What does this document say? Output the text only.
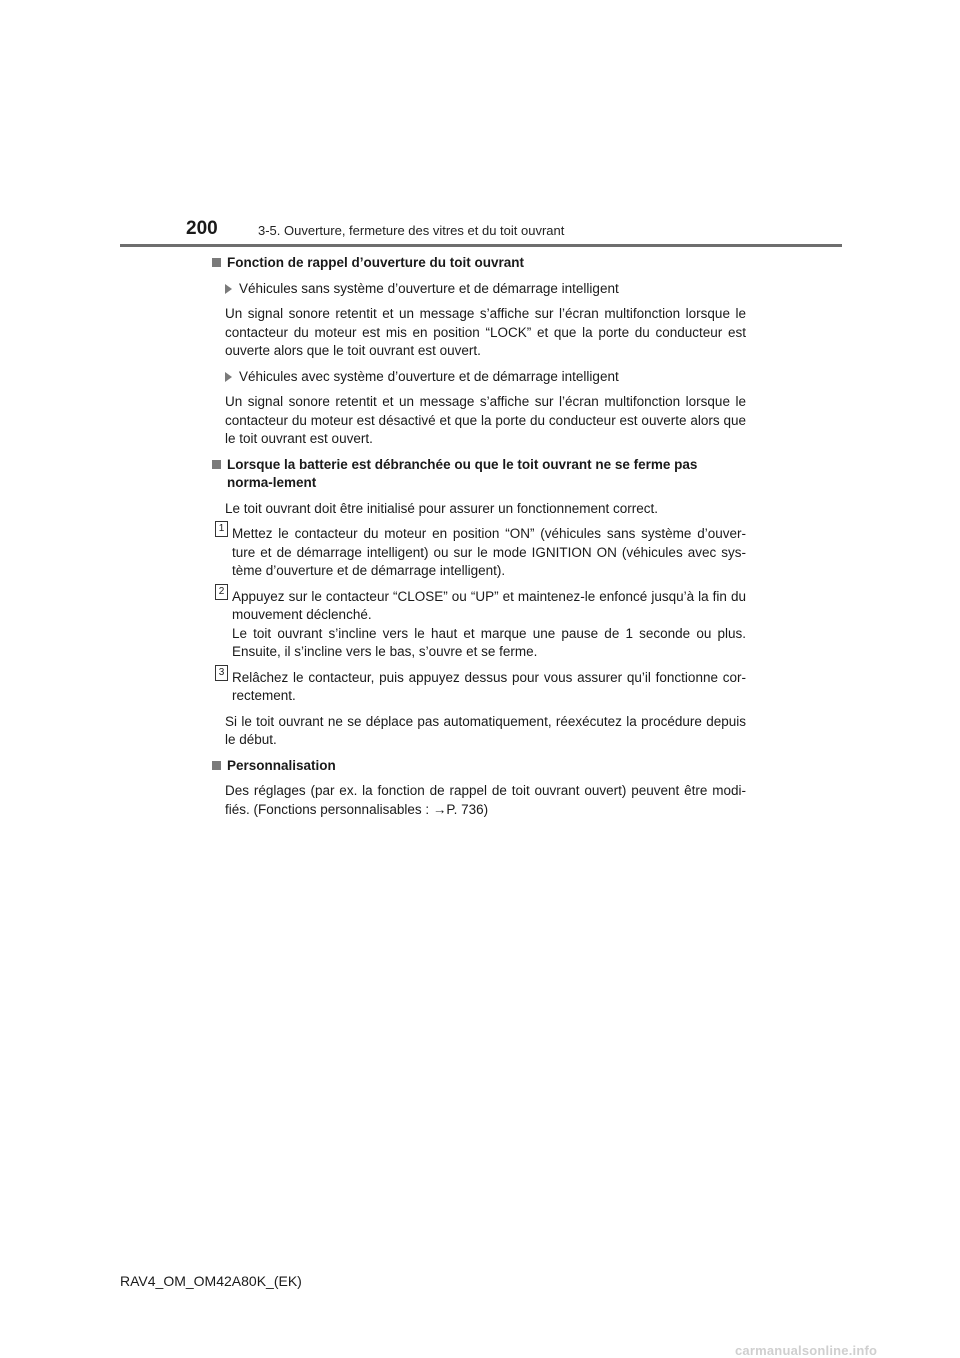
200	3-5. Ouverture, fermeture des vitres et du toit ouvrant
Fonction de rappel d’ouverture du toit ouvrant
Véhicules sans système d’ouverture et de démarrage intelligent

Un signal sonore retentit et un message s’affiche sur l’écran multifonction lorsque le contacteur du moteur est mis en position “LOCK” et que la porte du conducteur est ouverte alors que le toit ouvrant est ouvert.

Véhicules avec système d’ouverture et de démarrage intelligent

Un signal sonore retentit et un message s’affiche sur l’écran multifonction lorsque le contacteur du moteur est désactivé et que la porte du conducteur est ouverte alors que le toit ouvrant est ouvert.

Lorsque la batterie est débranchée ou que le toit ouvrant ne se ferme pas norma-lement

Le toit ouvrant doit être initialisé pour assurer un fonctionnement correct.

1 Mettez le contacteur du moteur en position “ON” (véhicules sans système d’ouver-ture et de démarrage intelligent) ou sur le mode IGNITION ON (véhicules avec sys-tème d’ouverture et de démarrage intelligent).
2 Appuyez sur le contacteur “CLOSE” ou “UP” et maintenez-le enfoncé jusqu’à la fin du mouvement déclenché.
Le toit ouvrant s’incline vers le haut et marque une pause de 1 seconde ou plus. Ensuite, il s’incline vers le bas, s’ouvre et se ferme.
3 Relâchez le contacteur, puis appuyez dessus pour vous assurer qu’il fonctionne cor-rectement.

Si le toit ouvrant ne se déplace pas automatiquement, réexécutez la procédure depuis le début.

Personnalisation

Des réglages (par ex. la fonction de rappel de toit ouvrant ouvert) peuvent être modi-fiés. (Fonctions personnalisables : →P. 736)

RAV4_OM_OM42A80K_(EK)
carmanualsonline.info
